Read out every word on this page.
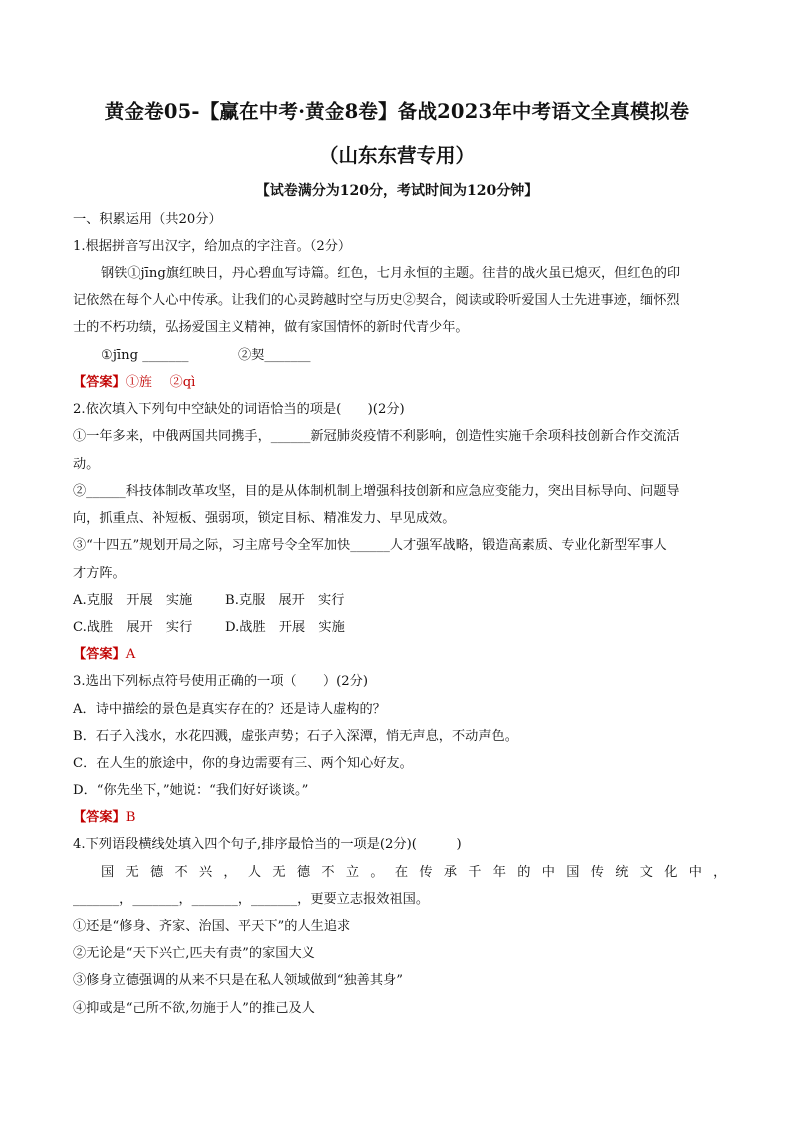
黄金卷05-【赢在中考·黄金8卷】备战2023年中考语文全真模拟卷
（山东东营专用）
【试卷满分为120分，考试时间为120分钟】
一、积累运用（共20分）
1.根据拼音写出汉字，给加点的字注音。（2分）
钢铁①jīng旗红映日，丹心碧血写诗篇。红色，七月永恒的主题。往昔的战火虽已熄灭，但红色的印
记依然在每个人心中传承。让我们的心灵跨越时空与历史②契合，阅读或聆听爱国人士先进事迹，缅怀烈
士的不朽功绩，弘扬爱国主义精神，做有家国情怀的新时代青少年。
①jīng _______	②契_______
【答案】①旌　 ②qì
2.依次填入下列句中空缺处的词语恰当的项是(　　)(2分)
①一年多来，中俄两国共同携手，______新冠肺炎疫情不利影响，创造性实施千余项科技创新合作交流活
动。
②______科技体制改革攻坚，目的是从体制机制上增强科技创新和应急应变能力，突出目标导向、问题导
向，抓重点、补短板、强弱项，锁定目标、精准发力、早见成效。
③“十四五”规划开局之际，习主席号令全军加快______人才强军战略，锻造高素质、专业化新型军事人
才方阵。
A.克服　开展　实施 B.克服　展开　实行
C.战胜　展开　实行 D.战胜　开展　实施
【答案】A
3.选出下列标点符号使用正确的一项（　　）(2分)
A．诗中描绘的景色是真实存在的？还是诗人虚构的？
B．石子入浅水，水花四溅，虚张声势；石子入深潭，悄无声息，不动声色。
C．在人生的旅途中，你的身边需要有三、两个知心好友。
D．“你先坐下，”她说：“我们好好谈谈。”
【答案】B
4.下列语段横线处填入四个句子,排序最恰当的一项是(2分)(　　　)
国无德不兴，人无德不立。在传承千年的中国传统文化中，
_______，_______，_______，_______，更要立志报效祖国。
①还是“修身、齐家、治国、平天下”的人生追求
②无论是“天下兴亡,匹夫有责”的家国大义
③修身立德强调的从来不只是在私人领域做到“独善其身”
④抑或是“己所不欲,勿施于人”的推己及人
